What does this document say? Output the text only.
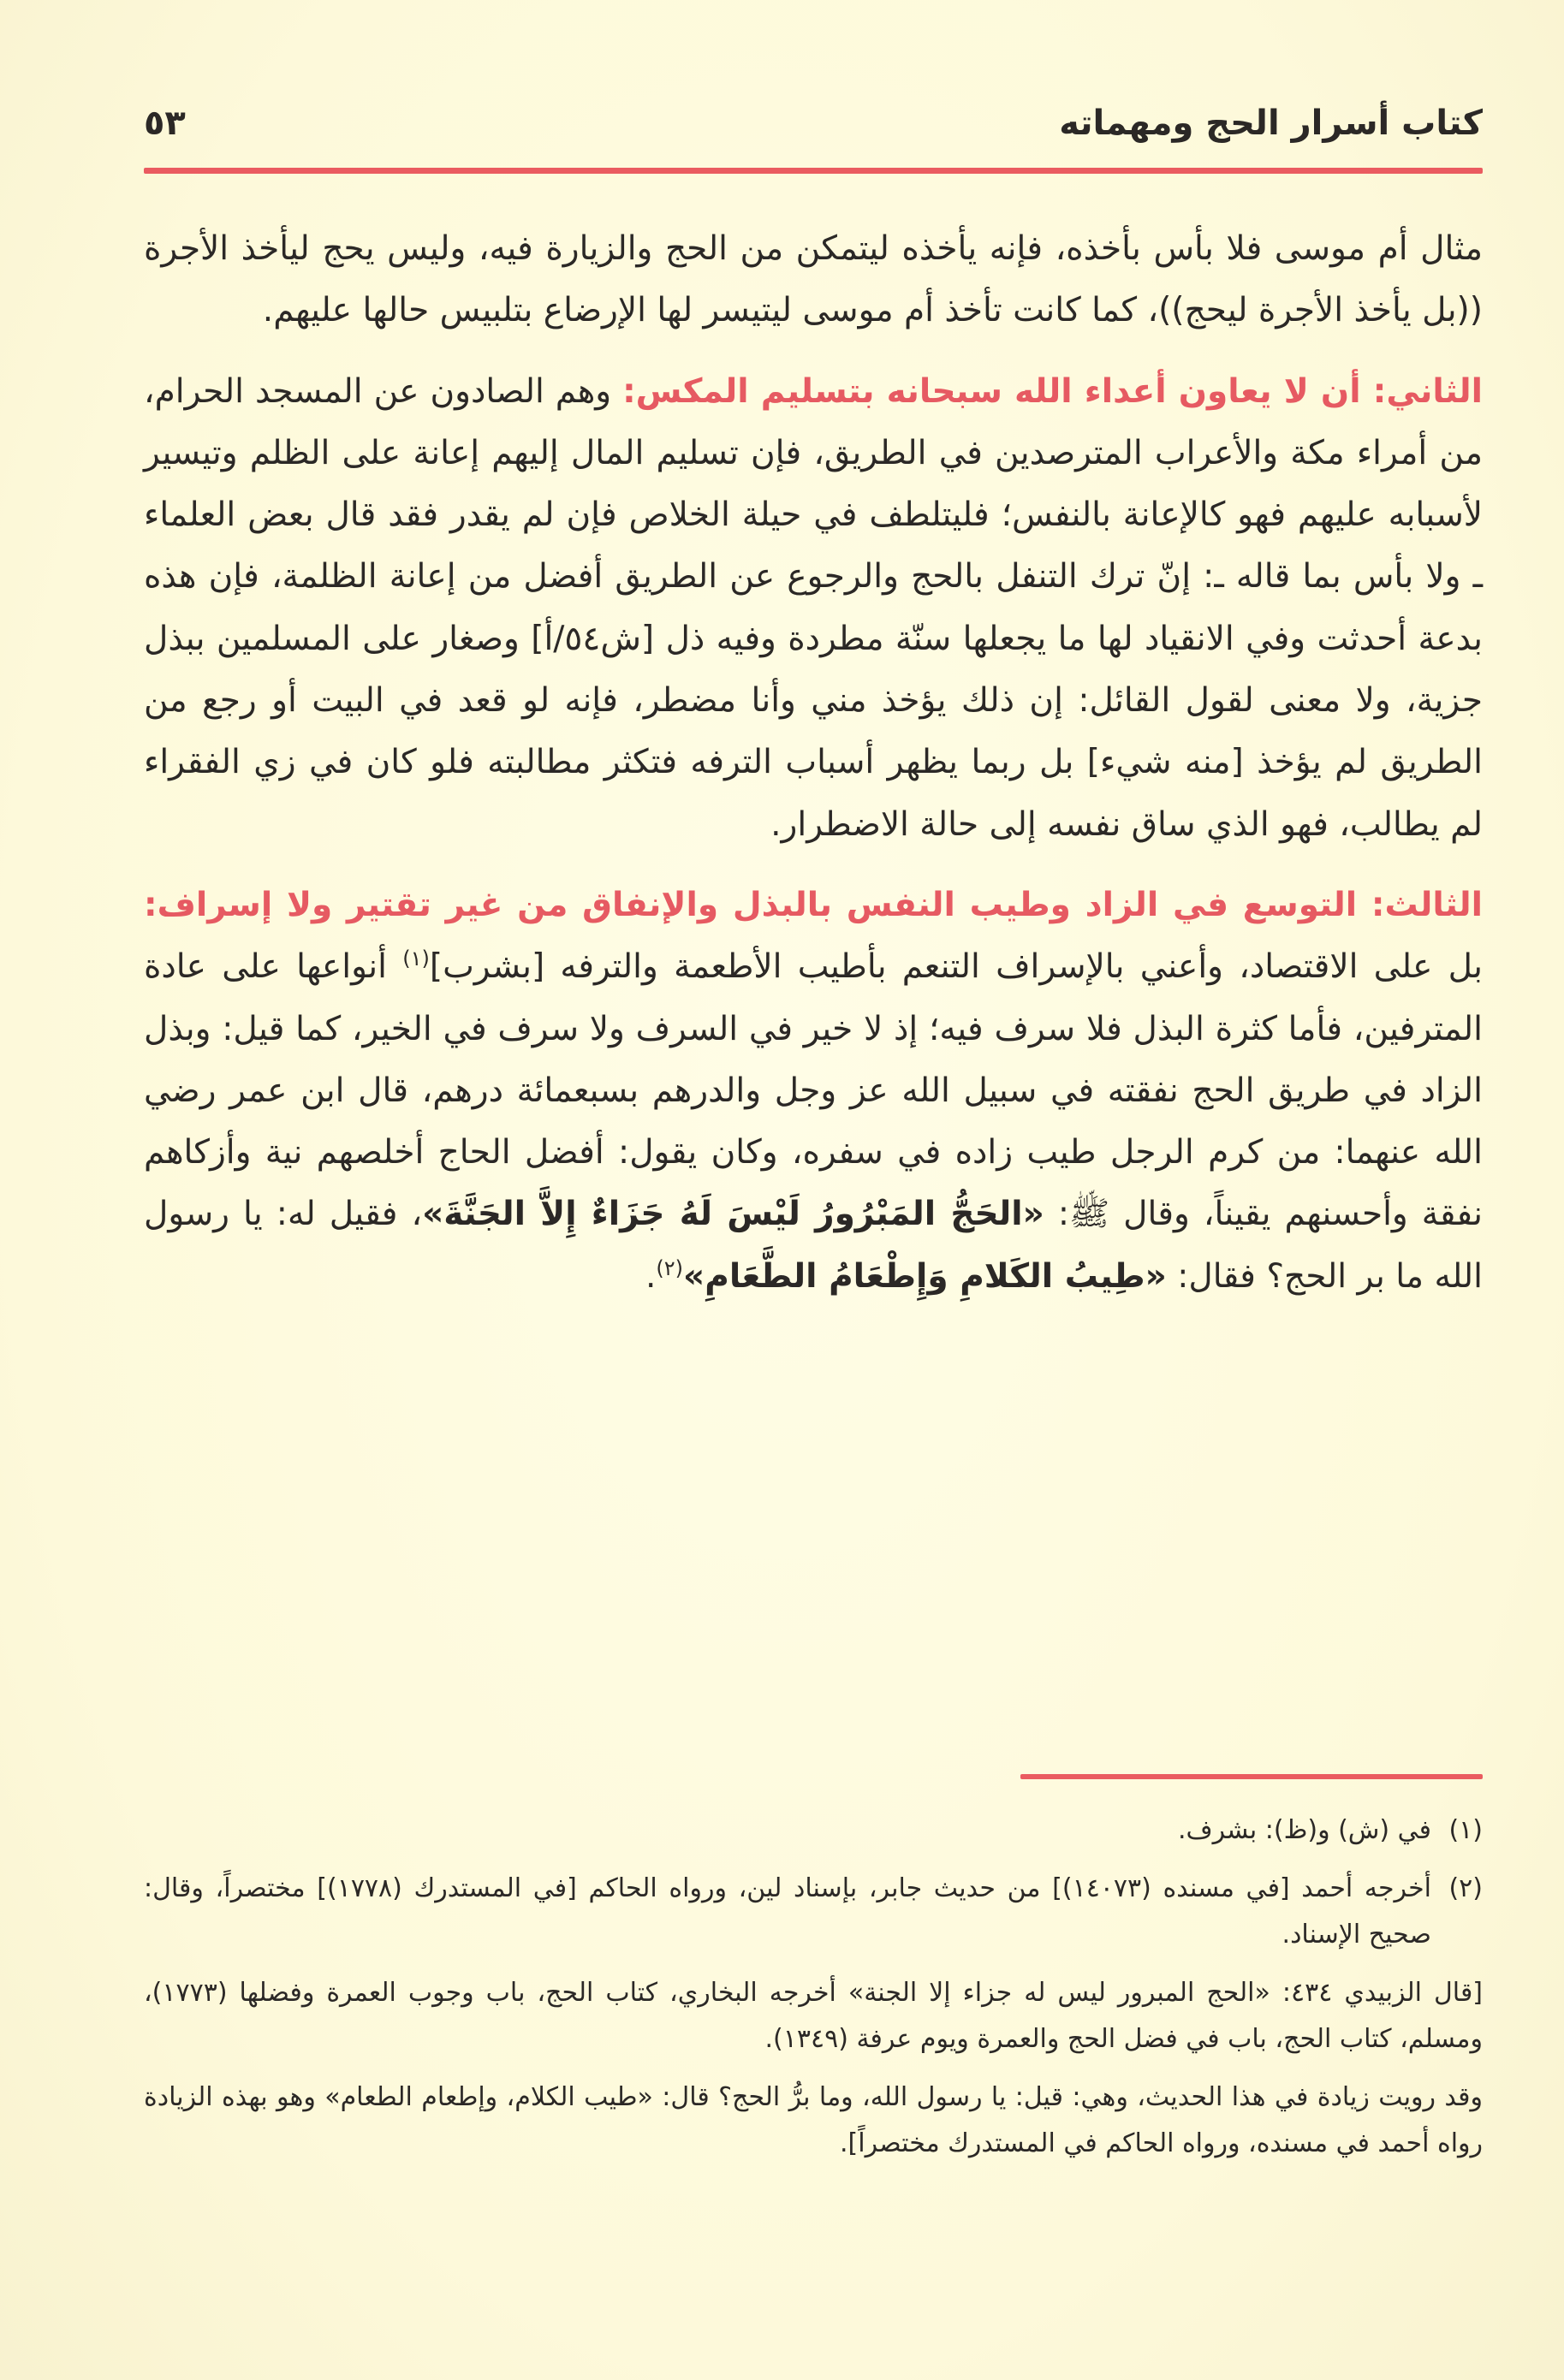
كتاب أسرار الحج ومهماته
٥٣

مثال أم موسى فلا بأس بأخذه، فإنه يأخذه ليتمكن من الحج والزيارة فيه، وليس يحج ليأخذ الأجرة ((بل يأخذ الأجرة ليحج))، كما كانت تأخذ أم موسى ليتيسر لها الإرضاع بتلبيس حالها عليهم.

الثاني: أن لا يعاون أعداء الله سبحانه بتسليم المكس: وهم الصادون عن المسجد الحرام، من أمراء مكة والأعراب المترصدين في الطريق، فإن تسليم المال إليهم إعانة على الظلم وتيسير لأسبابه عليهم فهو كالإعانة بالنفس؛ فليتلطف في حيلة الخلاص فإن لم يقدر فقد قال بعض العلماء ـ ولا بأس بما قاله ـ: إنّ ترك التنفل بالحج والرجوع عن الطريق أفضل من إعانة الظلمة، فإن هذه بدعة أحدثت وفي الانقياد لها ما يجعلها سنّة مطردة وفيه ذل [ش٥٤/أ] وصغار على المسلمين ببذل جزية، ولا معنى لقول القائل: إن ذلك يؤخذ مني وأنا مضطر، فإنه لو قعد في البيت أو رجع من الطريق لم يؤخذ [منه شيء] بل ربما يظهر أسباب الترفه فتكثر مطالبته فلو كان في زي الفقراء لم يطالب، فهو الذي ساق نفسه إلى حالة الاضطرار.

الثالث: التوسع في الزاد وطيب النفس بالبذل والإنفاق من غير تقتير ولا إسراف: بل على الاقتصاد، وأعني بالإسراف التنعم بأطيب الأطعمة والترفه [بشرب]$^{(١)}$ أنواعها على عادة المترفين، فأما كثرة البذل فلا سرف فيه؛ إذ لا خير في السرف ولا سرف في الخير، كما قيل: وبذل الزاد في طريق الحج نفقته في سبيل الله عز وجل والدرهم بسبعمائة درهم، قال ابن عمر رضي الله عنهما: من كرم الرجل طيب زاده في سفره، وكان يقول: أفضل الحاج أخلصهم نية وأزكاهم نفقة وأحسنهم يقيناً، وقال ﷺ: «الحَجُّ المَبْرُورُ لَيْسَ لَهُ جَزَاءٌ إِلاَّ الجَنَّةَ»، فقيل له: يا رسول الله ما بر الحج؟ فقال: «طِيبُ الكَلامِ وَإِطْعَامُ الطَّعَامِ»$^{(٢)}$.

(١)
في (ش) و(ظ): بشرف.
(٢)
أخرجه أحمد [في مسنده (١٤٠٧٣)] من حديث جابر، بإسناد لين، ورواه الحاكم [في المستدرك (١٧٧٨)] مختصراً، وقال: صحيح الإسناد.

[قال الزبيدي ٤٣٤: «الحج المبرور ليس له جزاء إلا الجنة» أخرجه البخاري، كتاب الحج، باب وجوب العمرة وفضلها (١٧٧٣)، ومسلم، كتاب الحج، باب في فضل الحج والعمرة ويوم عرفة (١٣٤٩).

وقد رويت زيادة في هذا الحديث، وهي: قيل: يا رسول الله، وما برُّ الحج؟ قال: «طيب الكلام، وإطعام الطعام» وهو بهذه الزيادة رواه أحمد في مسنده، ورواه الحاكم في المستدرك مختصراً].
